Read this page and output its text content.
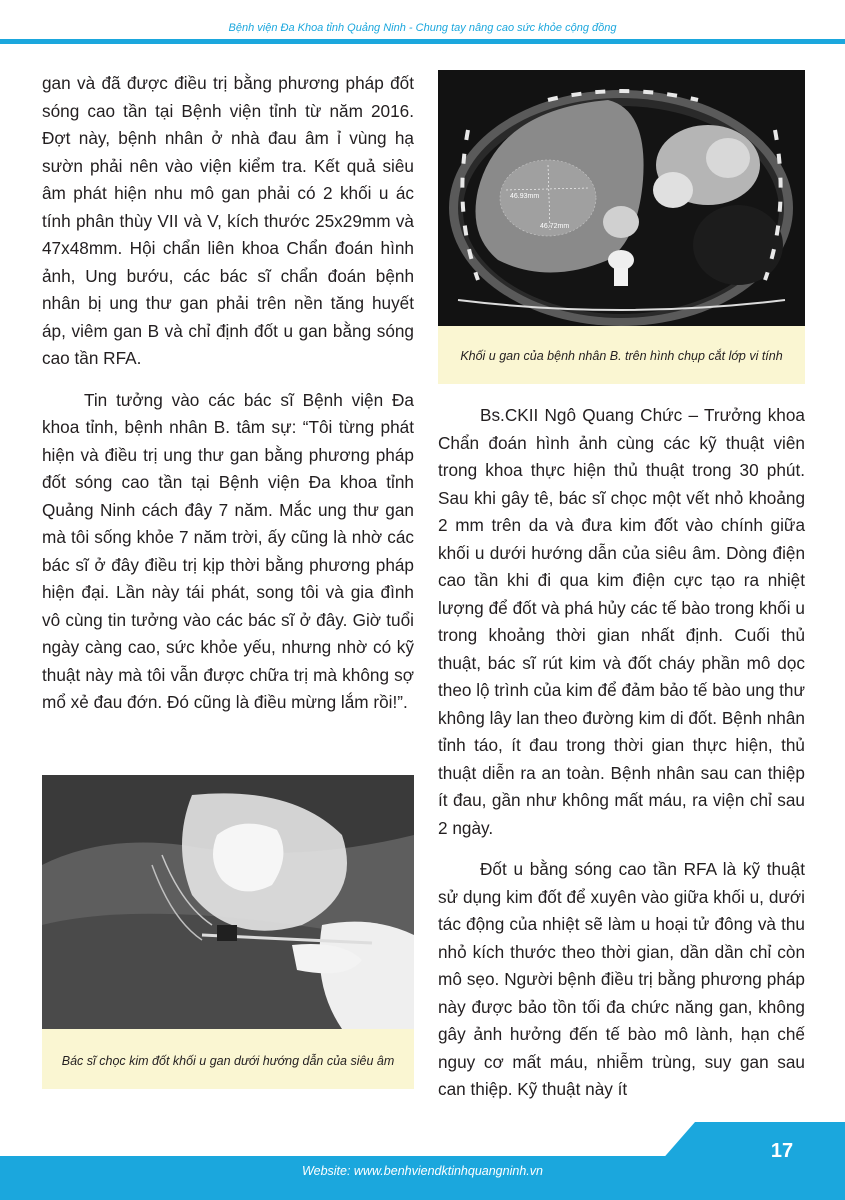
Bệnh viện Đa Khoa tỉnh Quảng Ninh - Chung tay nâng cao sức khỏe cộng đồng

gan và đã được điều trị bằng phương pháp đốt sóng cao tần tại Bệnh viện tỉnh từ năm 2016. Đợt này, bệnh nhân ở nhà đau âm ỉ vùng hạ sườn phải nên vào viện kiểm tra. Kết quả siêu âm phát hiện nhu mô gan phải có 2 khối u ác tính phân thùy VII và V, kích thước 25x29mm và 47x48mm. Hội chẩn liên khoa Chẩn đoán hình ảnh, Ung bướu, các bác sĩ chẩn đoán bệnh nhân bị ung thư gan phải trên nền tăng huyết áp, viêm gan B và chỉ định đốt u gan bằng sóng cao tần RFA.

Tin tưởng vào các bác sĩ Bệnh viện Đa khoa tỉnh, bệnh nhân B. tâm sự: “Tôi từng phát hiện và điều trị ung thư gan bằng phương pháp đốt sóng cao tần tại Bệnh viện Đa khoa tỉnh Quảng Ninh cách đây 7 năm. Mắc ung thư gan mà tôi sống khỏe 7 năm trời, ấy cũng là nhờ các bác sĩ ở đây điều trị kịp thời bằng phương pháp hiện đại. Lần này tái phát, song tôi và gia đình vô cùng tin tưởng vào các bác sĩ ở đây. Giờ tuổi ngày càng cao, sức khỏe yếu, nhưng nhờ có kỹ thuật này mà tôi vẫn được chữa trị mà không sợ mổ xẻ đau đớn. Đó cũng là điều mừng lắm rồi!”.

46.93mm
46.72mm
Khối u gan của bệnh nhân B. trên hình chụp cắt lớp vi tính

Bs.CKII Ngô Quang Chức – Trưởng khoa Chẩn đoán hình ảnh cùng các kỹ thuật viên trong khoa thực hiện thủ thuật trong 30 phút. Sau khi gây tê, bác sĩ chọc một vết nhỏ khoảng 2 mm trên da và đưa kim đốt vào chính giữa khối u dưới hướng dẫn của siêu âm. Dòng điện cao tần khi đi qua kim điện cực tạo ra nhiệt lượng để đốt và phá hủy các tế bào trong khối u trong khoảng thời gian nhất định. Cuối thủ thuật, bác sĩ rút kim và đốt cháy phần mô dọc theo lộ trình của kim để đảm bảo tế bào ung thư không lây lan theo đường kim di đốt. Bệnh nhân tỉnh táo, ít đau trong thời gian thực hiện, thủ thuật diễn ra an toàn. Bệnh nhân sau can thiệp ít đau, gần như không mất máu, ra viện chỉ sau 2 ngày.

Đốt u bằng sóng cao tần RFA là kỹ thuật sử dụng kim đốt để xuyên vào giữa khối u, dưới tác động của nhiệt sẽ làm u hoại tử đông và thu nhỏ kích thước theo thời gian, dần dần chỉ còn mô sẹo. Người bệnh điều trị bằng phương pháp này được bảo tồn tối đa chức năng gan, không gây ảnh hưởng đến tế bào mô lành, hạn chế nguy cơ mất máu, nhiễm trùng, suy gan sau can thiệp. Kỹ thuật này ít

Bác sĩ chọc kim đốt khối u gan dưới hướng dẫn của siêu âm
Website: www.benhviendktinhquangninh.vn
17
